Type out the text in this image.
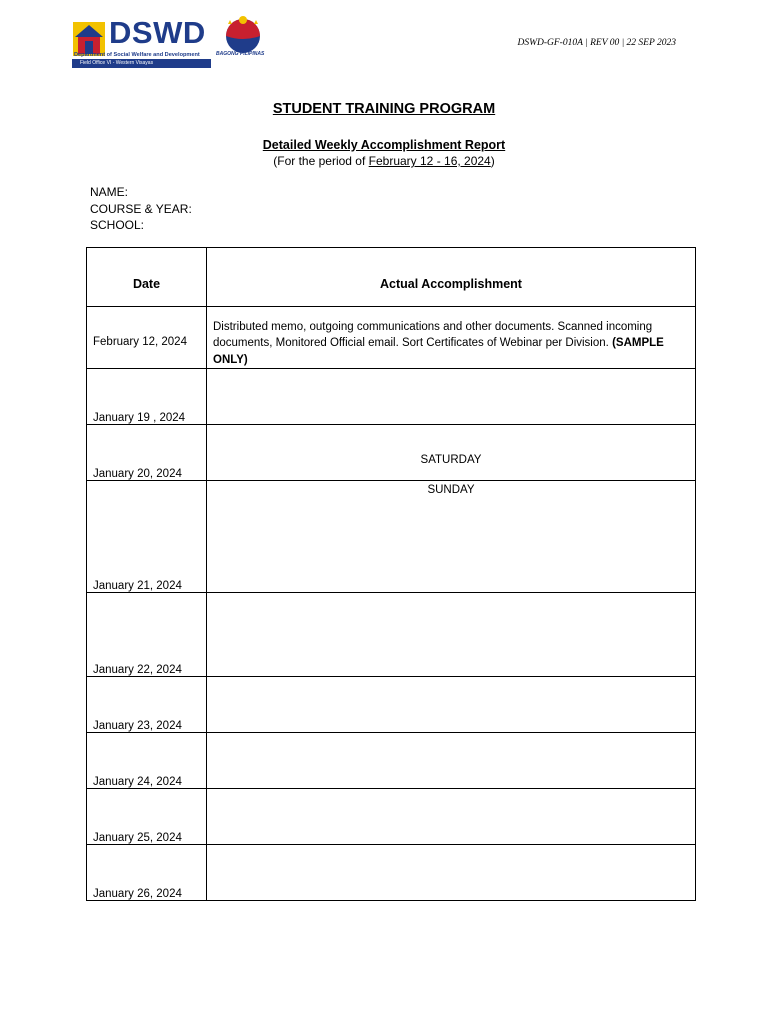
DSWD
Department of Social Welfare and Development
Field Office VI - Western Visayas
BAGONG PILIPINAS
DSWD-GF-010A | REV 00 | 22 SEP 2023
STUDENT TRAINING PROGRAM
Detailed Weekly Accomplishment Report
(For the period of February 12 - 16, 2024)
NAME:
COURSE & YEAR:
SCHOOL:
Date	Actual Accomplishment
February 12, 2024	Distributed memo, outgoing communications and other documents. Scanned incoming documents, Monitored Official email. Sort Certificates of Webinar per Division. (SAMPLE ONLY)
January 19 , 2024	
January 20, 2024	SATURDAY
January 21, 2024	SUNDAY
January 22, 2024	
January 23, 2024	
January 24, 2024	
January 25, 2024	
January 26, 2024	
